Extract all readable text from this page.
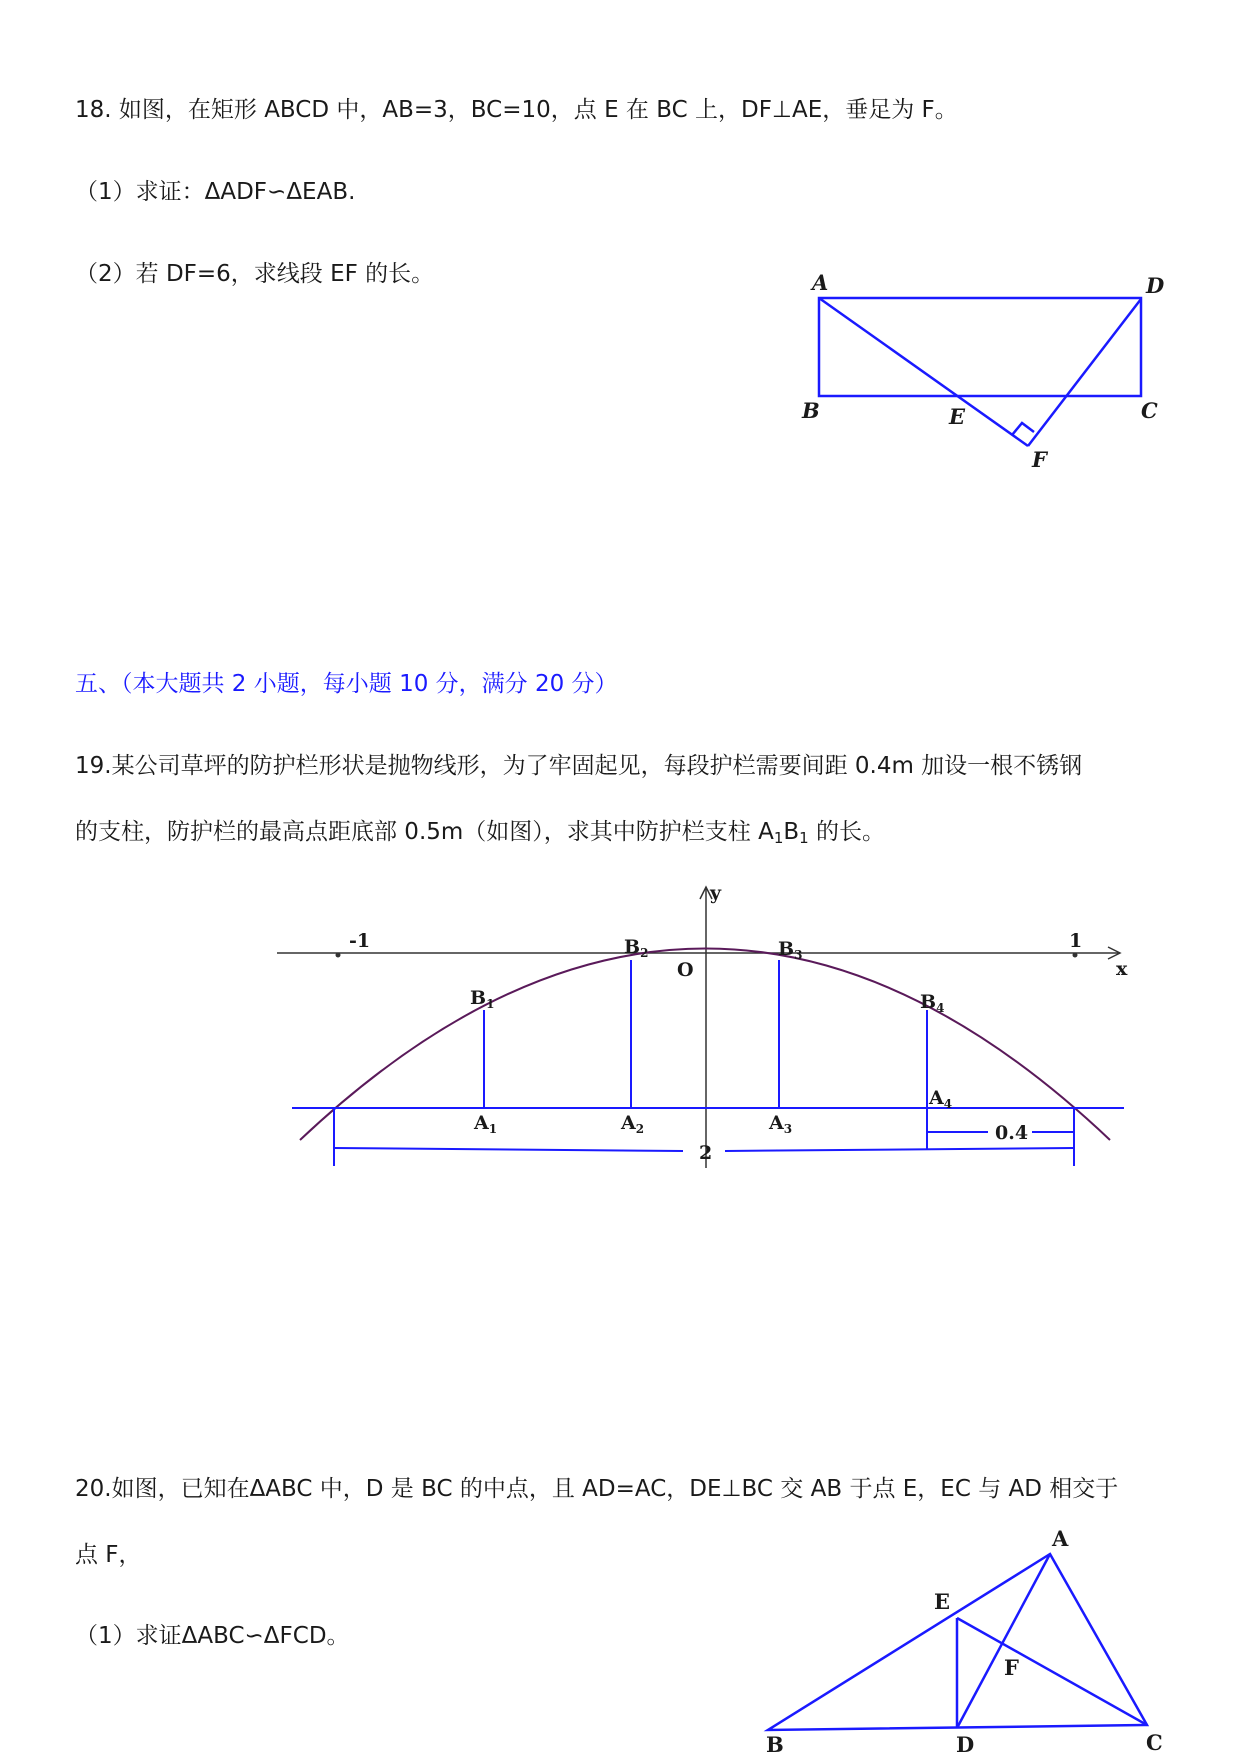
18. 如图，在矩形 ABCD 中，AB=3，BC=10，点 E 在 BC 上，DF⊥AE，垂足为 F。
（1）求证：ΔADF∽ΔEAB.
（2）若 DF=6，求线段 EF 的长。	A	D
B	E	C
F
五、（本大题共 2 小题，每小题 10 分，满分 20 分）
19.某公司草坪的防护栏形状是抛物线形，为了牢固起见，每段护栏需要间距 0.4m 加设一根不锈钢
的支柱，防护栏的最高点距底部 0.5m（如图），求其中防护栏支柱 $A_1B_1$ 的长。
y
x
O
-1	1
2
0.4
$B_1$
$B_2$	$B_3$
$B_4$
$A_1$	$A_2$	$A_3$
$A_4$
20.如图，已知在ΔABC 中，D 是 BC 的中点，且 AD=AC，DE⊥BC 交 AB 于点 E，EC 与 AD 相交于
点 F，
（1）求证ΔABC∽ΔFCD。
A
E
F
B	D	C
